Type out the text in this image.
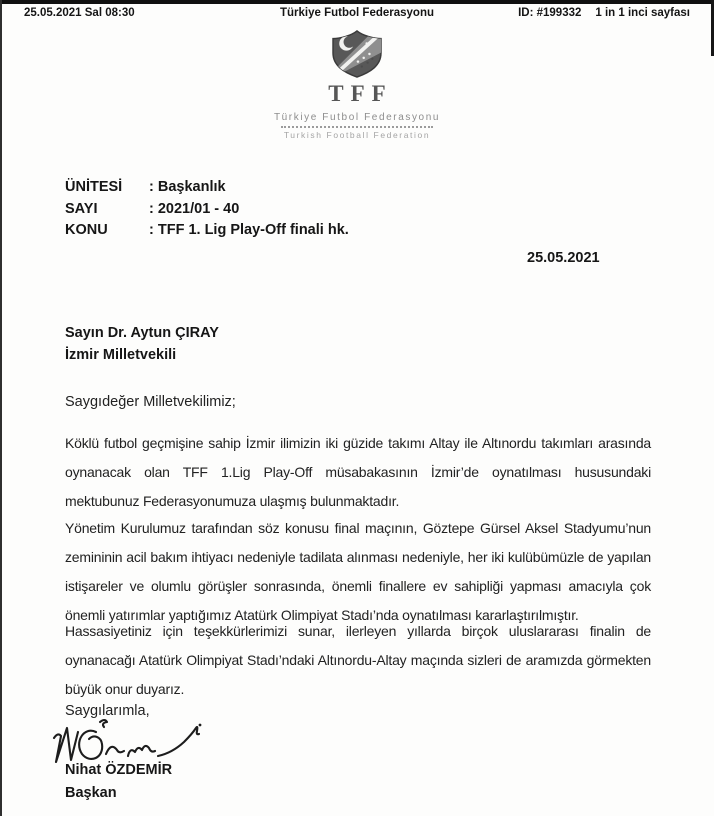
25.05.2021 Sal 08:30	Türkiye Futbol Federasyonu	ID: #199332 1 in 1 inci sayfası
TFF
Türkiye Futbol Federasyonu
Turkish Football Federation
ÜNİTESİ	: Başkanlık
SAYI	: 2021/01 - 40
KONU	: TFF 1. Lig Play-Off finali hk.
25.05.2021
Sayın Dr. Aytun ÇIRAY
İzmir Milletvekili
Saygıdeğer Milletvekilimiz;
Köklü futbol geçmişine sahip İzmir ilimizin iki güzide takımı Altay ile Altınordu takımları arasında oynanacak olan TFF 1.Lig Play-Off müsabakasının İzmir’de oynatılması hususundaki mektubunuz Federasyonumuza ulaşmış bulunmaktadır.
Yönetim Kurulumuz tarafından söz konusu final maçının, Göztepe Gürsel Aksel Stadyumu’nun zemininin acil bakım ihtiyacı nedeniyle tadilata alınması nedeniyle, her iki kulübümüzle de yapılan istişareler ve olumlu görüşler sonrasında, önemli finallere ev sahipliği yapması amacıyla çok önemli yatırımlar yaptığımız Atatürk Olimpiyat Stadı’nda oynatılması kararlaştırılmıştır.
Hassasiyetiniz için teşekkürlerimizi sunar, ilerleyen yıllarda birçok uluslararası finalin de oynanacağı Atatürk Olimpiyat Stadı’ndaki Altınordu-Altay maçında sizleri de aramızda görmekten büyük onur duyarız.
Saygılarımla,
Nihat ÖZDEMİR
Başkan
